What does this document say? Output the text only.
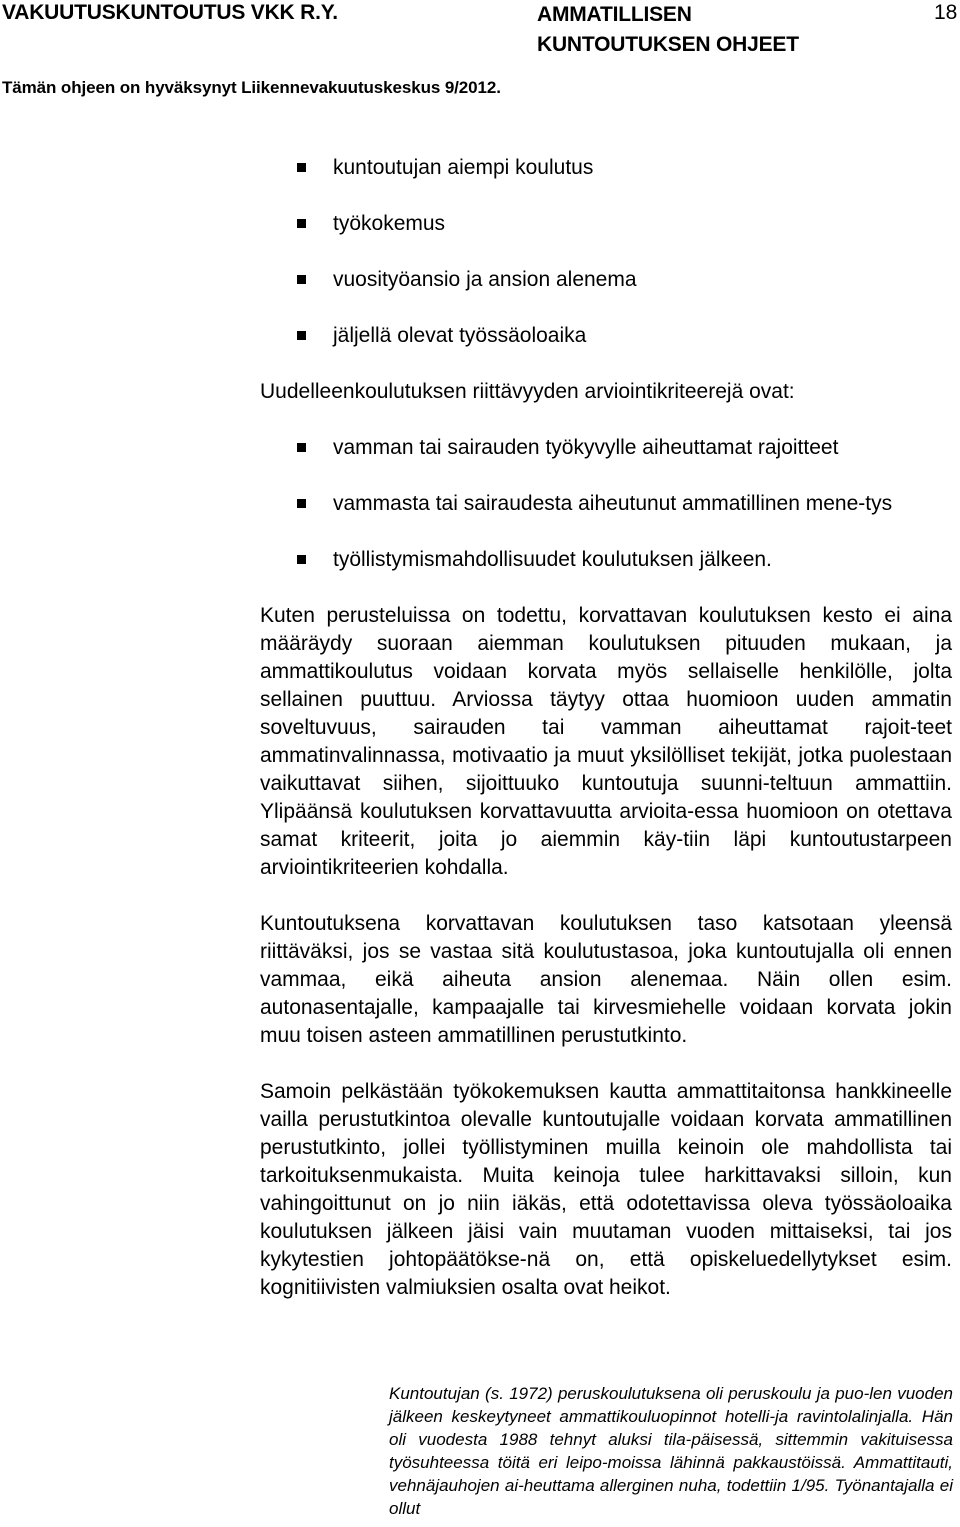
VAKUUTUSKUNTOUTUS VKK R.Y.	AMMATILLISEN KUNTOUTUKSEN OHJEET
18
Tämän ohjeen on hyväksynyt Liikennevakuutuskeskus 9/2012.
kuntoutujan aiempi koulutus
työkokemus
vuosityöansio ja ansion alenema
jäljellä olevat työssäoloaika

Uudelleenkoulutuksen riittävyyden arviointikriteerejä ovat:

vamman tai sairauden työkyvylle aiheuttamat rajoitteet
vammasta tai sairaudesta aiheutunut ammatillinen mene-tys
työllistymismahdollisuudet koulutuksen jälkeen.

Kuten perusteluissa on todettu, korvattavan koulutuksen kesto ei aina määräydy suoraan aiemman koulutuksen pituuden mukaan, ja ammattikoulutus voidaan korvata myös sellaiselle henkilölle, jolta sellainen puuttuu. Arviossa täytyy ottaa huomioon uuden ammatin soveltuvuus, sairauden tai vamman aiheuttamat rajoit-teet ammatinvalinnassa, motivaatio ja muut yksilölliset tekijät, jotka puolestaan vaikuttavat siihen, sijoittuuko kuntoutuja suunni-teltuun ammattiin. Ylipäänsä koulutuksen korvattavuutta arvioita-essa huomioon on otettava samat kriteerit, joita jo aiemmin käy-tiin läpi kuntoutustarpeen arviointikriteerien kohdalla.

Kuntoutuksena korvattavan koulutuksen taso katsotaan yleensä riittäväksi, jos se vastaa sitä koulutustasoa, joka kuntoutujalla oli ennen vammaa, eikä aiheuta ansion alenemaa. Näin ollen esim. autonasentajalle, kampaajalle tai kirvesmiehelle voidaan korvata jokin muu toisen asteen ammatillinen perustutkinto.

Samoin pelkästään työkokemuksen kautta ammattitaitonsa hankkineelle vailla perustutkintoa olevalle kuntoutujalle voidaan korvata ammatillinen perustutkinto, jollei työllistyminen muilla keinoin ole mahdollista tai tarkoituksenmukaista. Muita keinoja tulee harkittavaksi silloin, kun vahingoittunut on jo niin iäkäs, että odotettavissa oleva työssäoloaika koulutuksen jälkeen jäisi vain muutaman vuoden mittaiseksi, tai jos kykytestien johtopäätökse-nä on, että opiskeluedellytykset esim. kognitiivisten valmiuksien osalta ovat heikot.

Kuntoutujan (s. 1972) peruskoulutuksena oli peruskoulu ja puo-len vuoden jälkeen keskeytyneet ammattikouluopinnot hotelli-ja ravintolalinjalla. Hän oli vuodesta 1988 tehnyt aluksi tila-päisessä, sittemmin vakituisessa työsuhteessa töitä eri leipo-moissa lähinnä pakkaustöissä. Ammattitauti, vehnäjauhojen ai-heuttama allerginen nuha, todettiin 1/95. Työnantajalla ei ollut
